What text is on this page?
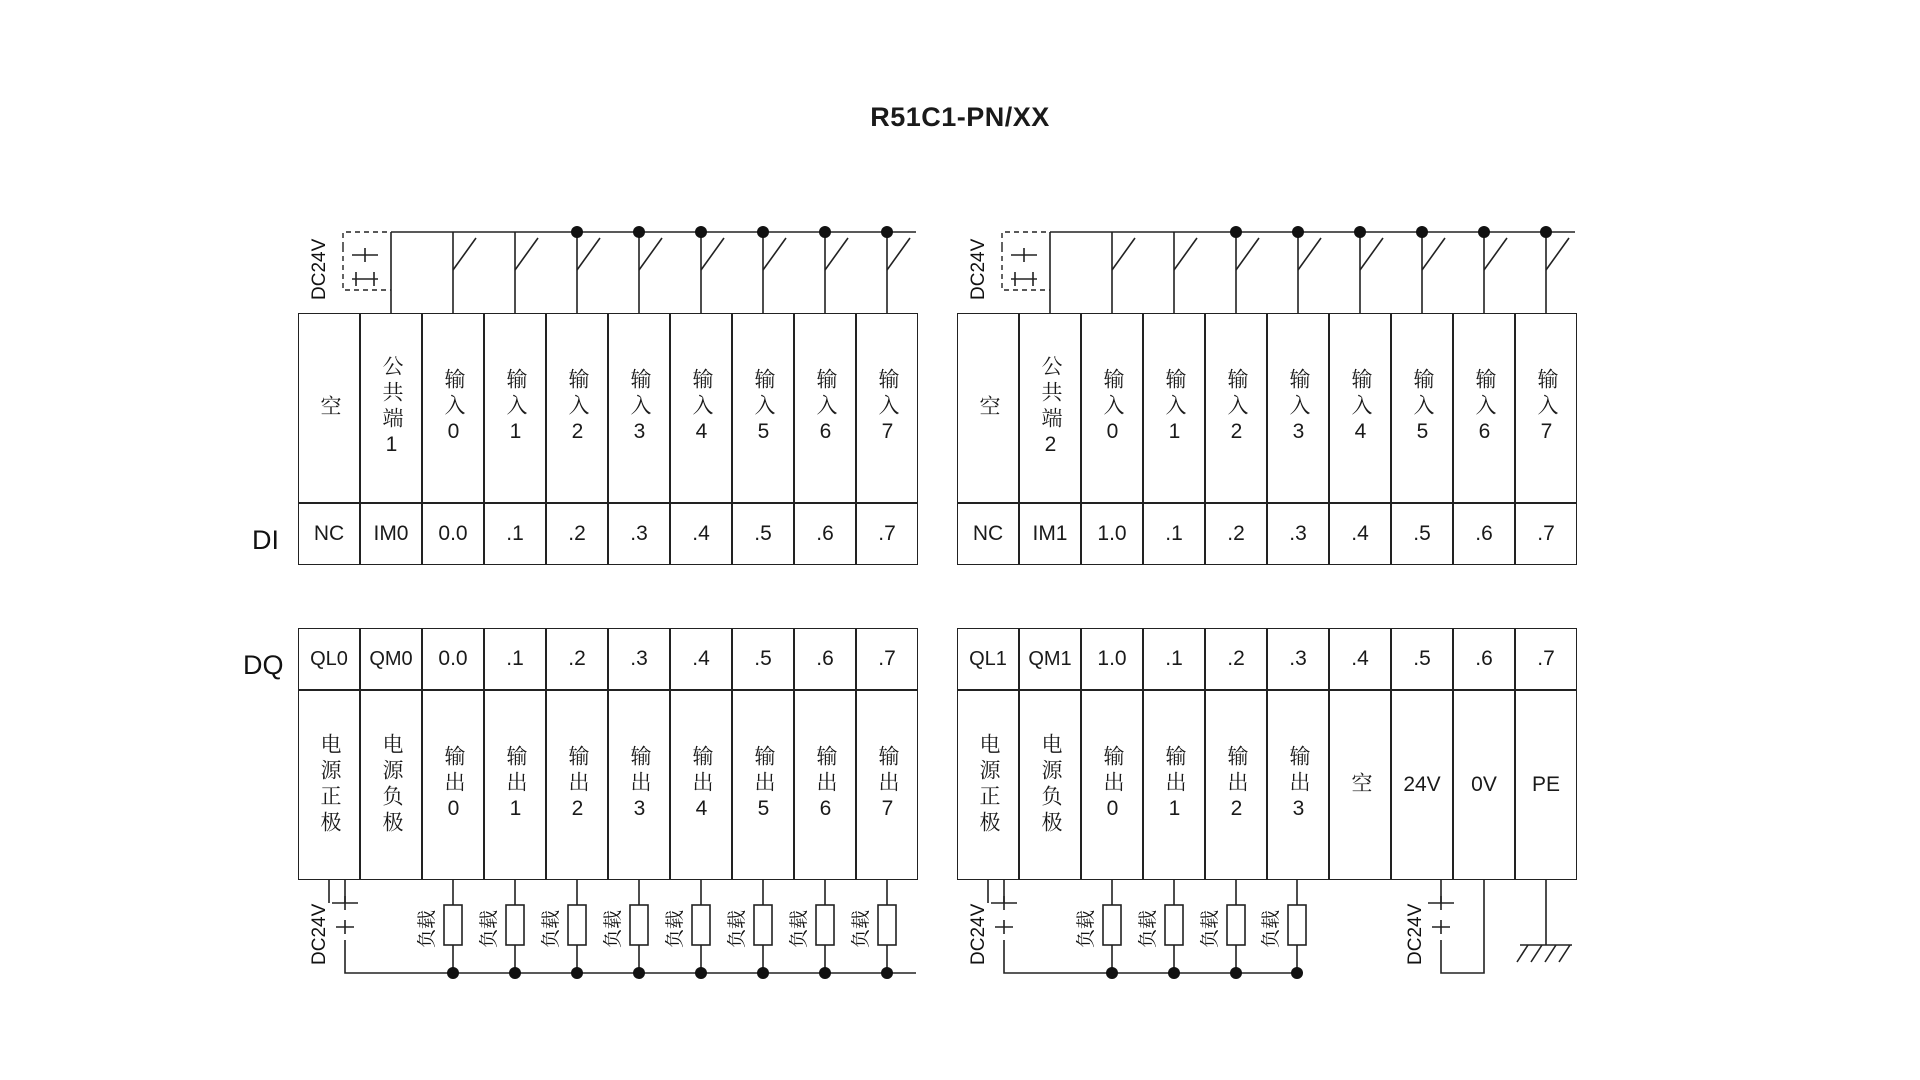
R51C1-PN/XX
DI
DQ
空 公共端1 输入0 输入1 输入2 输入3 输入4 输入5 输入6 输入7
NC IM0 0.0 .1 .2 .3 .4 .5 .6 .7
空 公共端2 输入0 输入1 输入2 输入3 输入4 输入5 输入6 输入7
NC IM1 1.0 .1 .2 .3 .4 .5 .6 .7
QL0 QM0 0.0 .1 .2 .3 .4 .5 .6 .7
电源正极 电源负极 输出0 输出1 输出2 输出3 输出4 输出5 输出6 输出7
QL1 QM1 1.0 .1 .2 .3 .4 .5 .6 .7
电源正极 电源负极 输出0 输出1 输出2 输出3 空 24V 0V PE
DC24V	DC24V
DC24V	负载 负载 负载 负载 负载 负载 负载 负载	DC24V	负载 负载 负载 负载	DC24V
